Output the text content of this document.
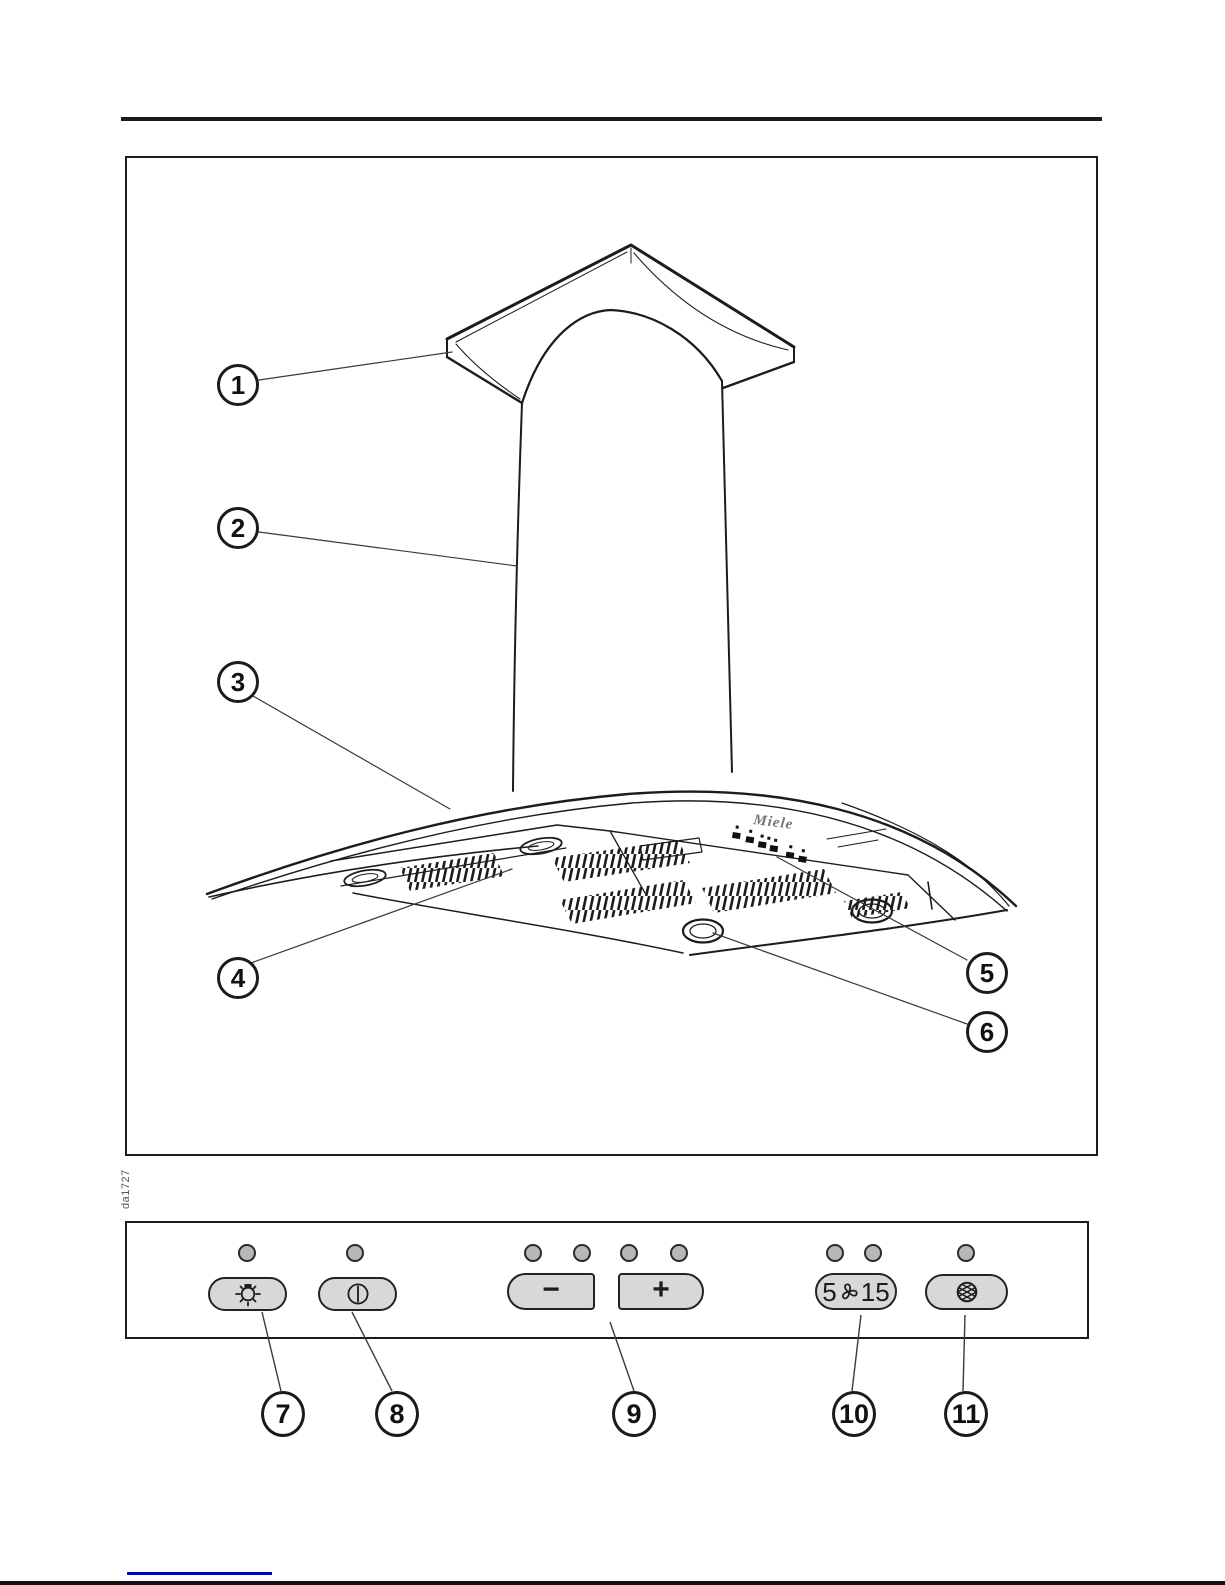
Miele
1
2
3
4	5
6
da1727
−	+	5 15
7	8	9	10	11
